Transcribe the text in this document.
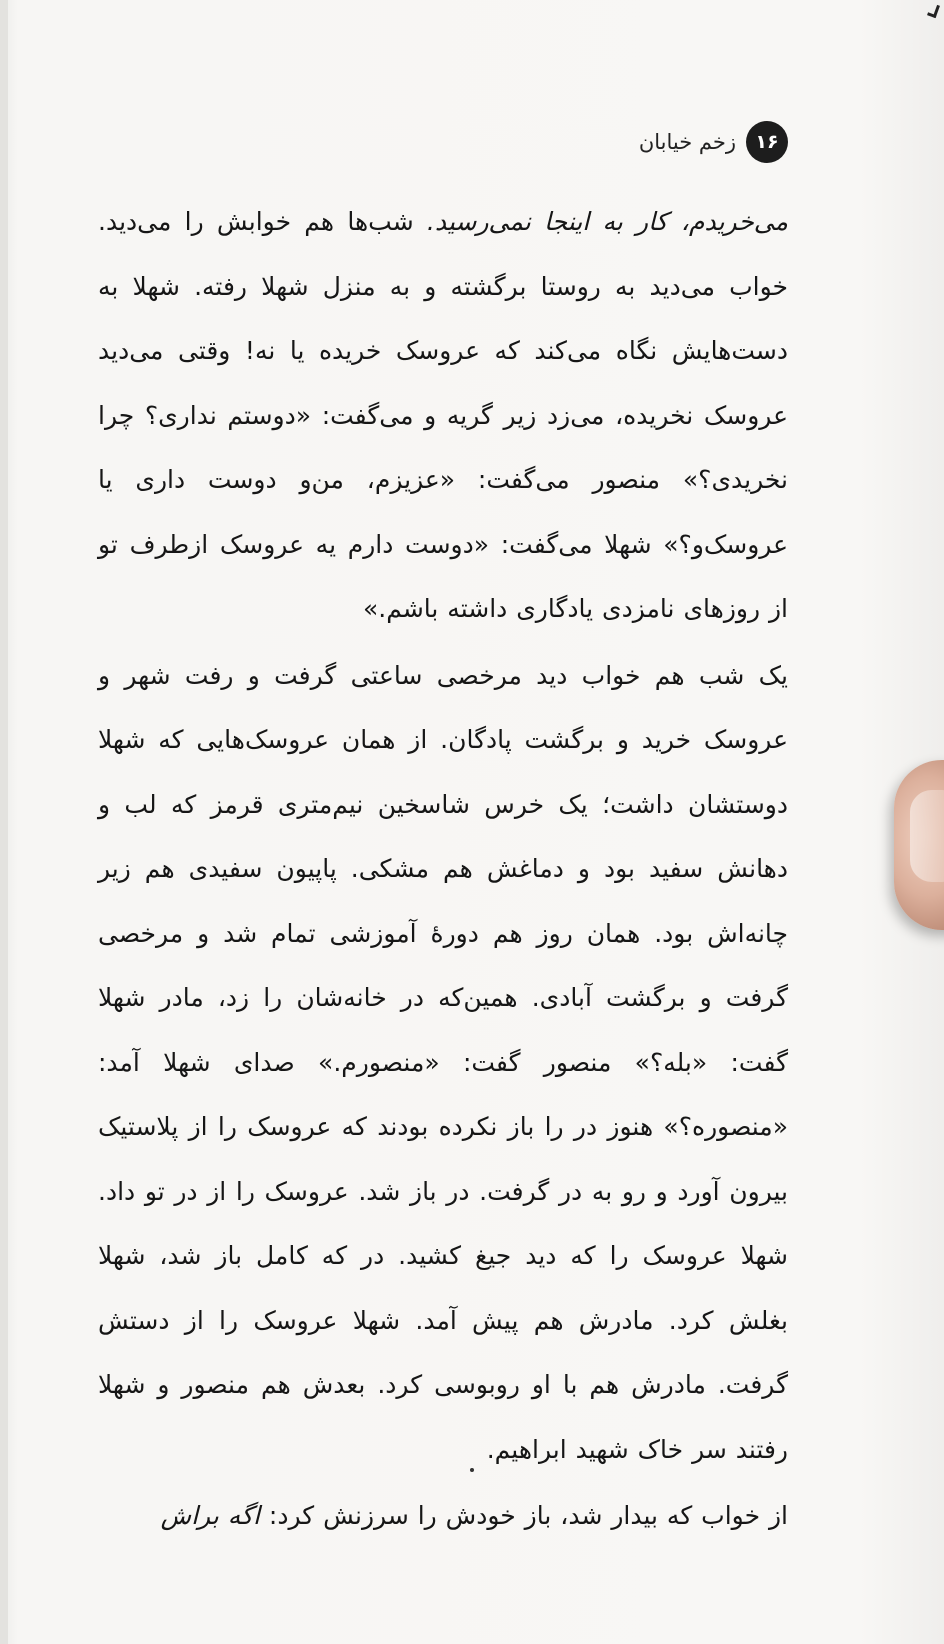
۱۶
زخم خیابان

می‌خریدم، کار به اینجا نمی‌رسید. شب‌ها هم خوابش را می‌دید. خواب می‌دید به روستا برگشته و به منزل شهلا رفته. شهلا به دست‌هایش نگاه می‌کند که عروسک خریده یا نه! وقتی می‌دید عروسک نخریده، می‌زد زیر گریه و می‌گفت: «دوستم نداری؟ چرا نخریدی؟» منصور می‌گفت: «عزیزم، من‌و دوست داری یا عروسک‌و؟» شهلا می‌گفت: «دوست دارم یه عروسک ازطرف تو از روزهای نامزدی یادگاری داشته باشم.»

یک شب هم خواب دید مرخصی ساعتی گرفت و رفت شهر و عروسک خرید و برگشت پادگان. از همان عروسک‌هایی که شهلا دوستشان داشت؛ یک خرس شاسخین نیم‌متری قرمز که لب و دهانش سفید بود و دماغش هم مشکی. پاپیون سفیدی هم زیر چانه‌اش بود. همان روز هم دورهٔ آموزشی تمام شد و مرخصی گرفت و برگشت آبادی. همین‌که در خانه‌شان را زد، مادر شهلا گفت: «بله؟» منصور گفت: «منصورم.» صدای شهلا آمد: «منصوره؟» هنوز در را باز نکرده بودند که عروسک را از پلاستیک بیرون آورد و رو به در گرفت. در باز شد. عروسک را از در تو داد. شهلا عروسک را که دید جیغ کشید. در که کامل باز شد، شهلا بغلش کرد. مادرش هم پیش آمد. شهلا عروسک را از دستش گرفت. مادرش هم با او روبوسی کرد. بعدش هم منصور و شهلا رفتند سر خاک شهید ابراهیم.

از خواب که بیدار شد، باز خودش را سرزنش کرد: اگه براش
